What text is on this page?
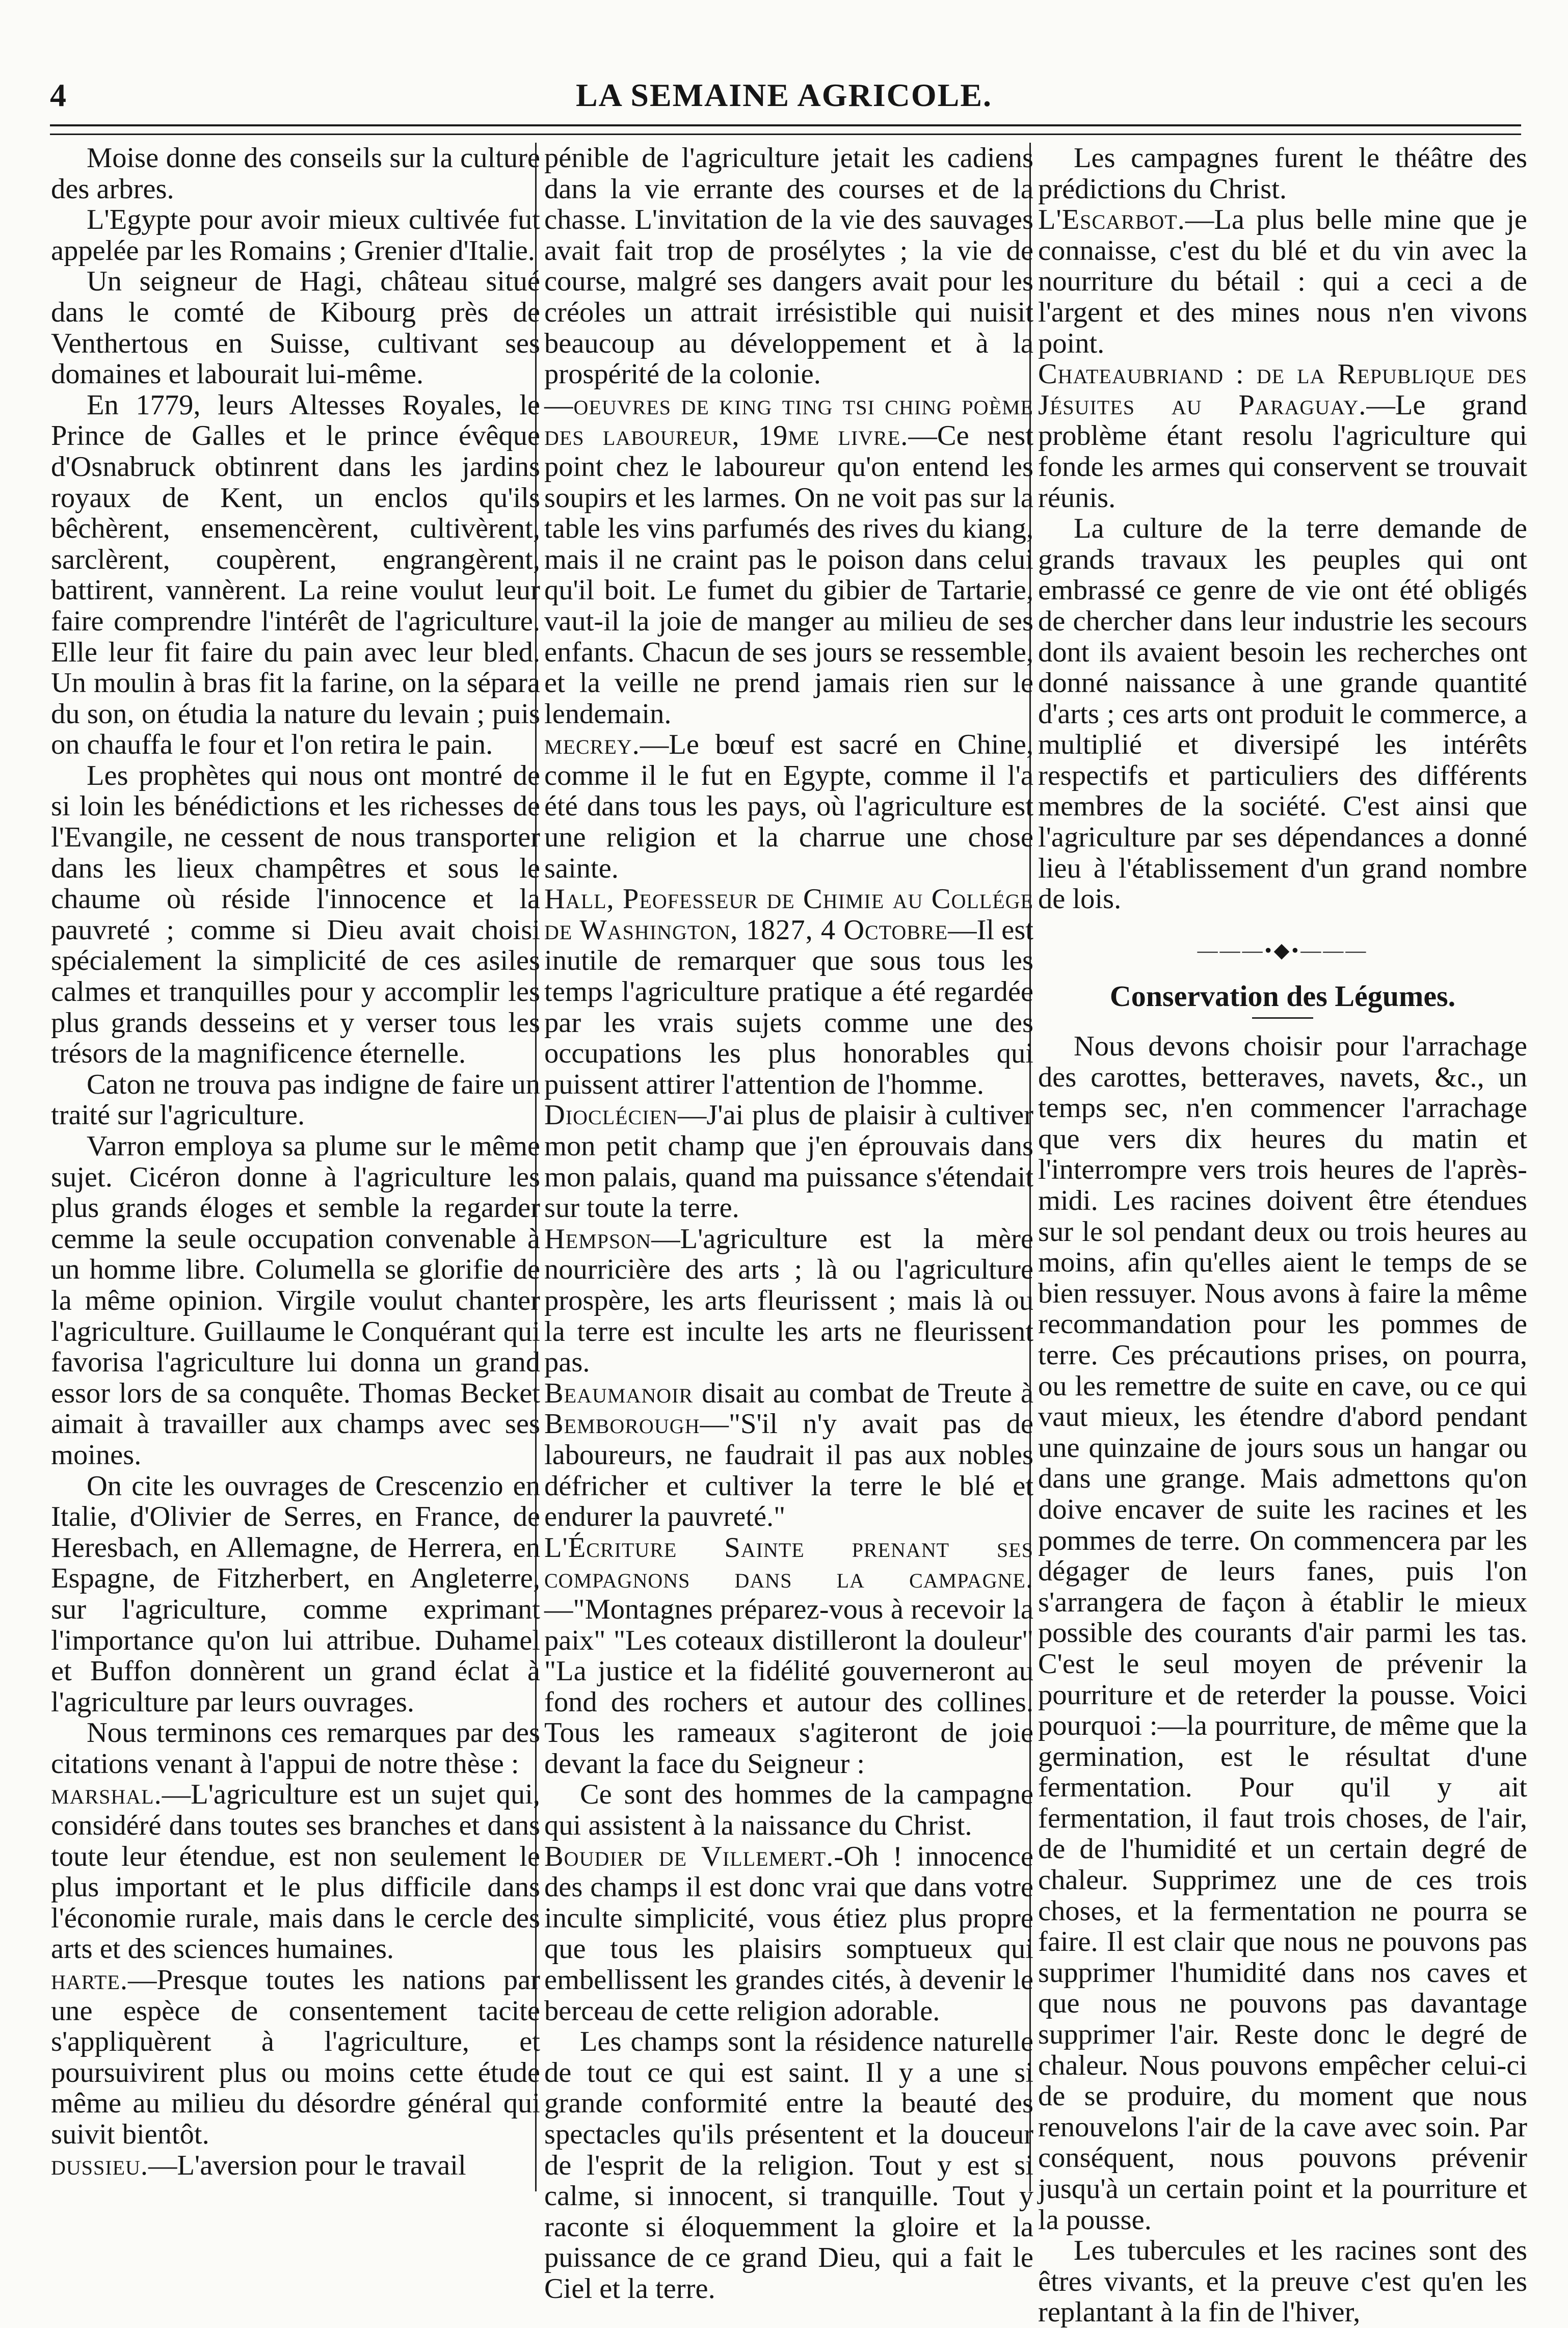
4	LA SEMAINE AGRICOLE.

Moise donne des conseils sur la culture des arbres.

L'Egypte pour avoir mieux cultivée fut appelée par les Romains ; Grenier d'Italie.

Un seigneur de Hagi, château situé dans le comté de Kibourg près de Venthertous en Suisse, cultivant ses domaines et labourait lui-même.

En 1779, leurs Altesses Royales, le Prince de Galles et le prince évêque d'Osnabruck obtinrent dans les jardins royaux de Kent, un enclos qu'ils bêchèrent, ensemencèrent, cultivèrent, sarclèrent, coupèrent, engrangèrent, battirent, vannèrent. La reine voulut leur faire comprendre l'intérêt de l'agriculture. Elle leur fit faire du pain avec leur bled. Un moulin à bras fit la farine, on la sépara du son, on étudia la nature du levain ; puis on chauffa le four et l'on retira le pain.

Les prophètes qui nous ont montré de si loin les bénédictions et les richesses de l'Evangile, ne cessent de nous transporter dans les lieux champêtres et sous le chaume où réside l'innocence et la pauvreté ; comme si Dieu avait choisi spécialement la simplicité de ces asiles calmes et tranquilles pour y accomplir les plus grands desseins et y verser tous les trésors de la magnificence éternelle.

Caton ne trouva pas indigne de faire un traité sur l'agriculture.

Varron employa sa plume sur le même sujet. Cicéron donne à l'agriculture les plus grands éloges et semble la regarder cemme la seule occupation convenable à un homme libre. Columella se glorifie de la même opinion. Virgile voulut chanter l'agriculture. Guillaume le Conquérant qui favorisa l'agriculture lui donna un grand essor lors de sa conquête. Thomas Becket aimait à travailler aux champs avec ses moines.

On cite les ouvrages de Crescenzio en Italie, d'Olivier de Serres, en France, de Heresbach, en Allemagne, de Herrera, en Espagne, de Fitzherbert, en Angleterre, sur l'agriculture, comme exprimant l'importance qu'on lui attribue. Duhamel et Buffon donnèrent un grand éclat à l'agriculture par leurs ouvrages.

Nous terminons ces remarques par des citations venant à l'appui de notre thèse :

marshal.—L'agriculture est un sujet qui, considéré dans toutes ses branches et dans toute leur étendue, est non seulement le plus important et le plus difficile dans l'économie rurale, mais dans le cercle des arts et des sciences humaines.

harte.—Presque toutes les nations par une espèce de consentement tacite s'appliquèrent à l'agriculture, et poursuivirent plus ou moins cette étude même au milieu du désordre général qui suivit bientôt.

dussieu.—L'aversion pour le travail

pénible de l'agriculture jetait les cadiens dans la vie errante des courses et de la chasse. L'invitation de la vie des sauvages avait fait trop de prosélytes ; la vie de course, malgré ses dangers avait pour les créoles un attrait irrésistible qui nuisit beaucoup au développement et à la prospérité de la colonie.

—oeuvres de king ting tsi ching poème des laboureur, 19me livre.—Ce nest point chez le laboureur qu'on entend les soupirs et les larmes. On ne voit pas sur la table les vins parfumés des rives du kiang, mais il ne craint pas le poison dans celui qu'il boit. Le fumet du gibier de Tartarie, vaut-il la joie de manger au milieu de ses enfants. Chacun de ses jours se ressemble, et la veille ne prend jamais rien sur le lendemain.

mecrey.—Le bœuf est sacré en Chine, comme il le fut en Egypte, comme il l'a été dans tous les pays, où l'agriculture est une religion et la charrue une chose sainte.

Hall, Peofesseur de Chimie au Collége de Washington, 1827, 4 Octobre—Il est inutile de remarquer que sous tous les temps l'agriculture pratique a été regardée par les vrais sujets comme une des occupations les plus honorables qui puissent attirer l'attention de l'homme.

Dioclécien—J'ai plus de plaisir à cultiver mon petit champ que j'en éprouvais dans mon palais, quand ma puissance s'étendait sur toute la terre.

Hempson—L'agriculture est la mère nourricière des arts ; là ou l'agriculture prospère, les arts fleurissent ; mais là ou la terre est inculte les arts ne fleurissent pas.

Beaumanoir disait au combat de Treute à Bemborough—"S'il n'y avait pas de laboureurs, ne faudrait il pas aux nobles défricher et cultiver la terre le blé et endurer la pauvreté."

L'Écriture Sainte prenant ses compagnons dans la campagne.—"Montagnes préparez-vous à recevoir la paix" "Les coteaux distilleront la douleur" "La justice et la fidélité gouverneront au fond des rochers et autour des collines. Tous les rameaux s'agiteront de joie devant la face du Seigneur :

Ce sont des hommes de la campagne qui assistent à la naissance du Christ.

Boudier de Villemert.-Oh ! innocence des champs il est donc vrai que dans votre inculte simplicité, vous étiez plus propre que tous les plaisirs somptueux qui embellissent les grandes cités, à devenir le berceau de cette religion adorable.

Les champs sont la résidence naturelle de tout ce qui est saint. Il y a une si grande conformité entre la beauté des spectacles qu'ils présentent et la douceur de l'esprit de la religion. Tout y est si calme, si innocent, si tranquille. Tout y raconte si éloquemment la gloire et la puissance de ce grand Dieu, qui a fait le Ciel et la terre.

Les campagnes furent le théâtre des prédictions du Christ.

L'Escarbot.—La plus belle mine que je connaisse, c'est du blé et du vin avec la nourriture du bétail : qui a ceci a de l'argent et des mines nous n'en vivons point.

Chateaubriand : de la Republique des Jésuites au Paraguay.—Le grand problème étant resolu l'agriculture qui fonde les armes qui conservent se trouvait réunis.

La culture de la terre demande de grands travaux les peuples qui ont embrassé ce genre de vie ont été obligés de chercher dans leur industrie les secours dont ils avaient besoin les recherches ont donné naissance à une grande quantité d'arts ; ces arts ont produit le commerce, a multiplié et diversipé les intérêts respectifs et particuliers des différents membres de la société. C'est ainsi que l'agriculture par ses dépendances a donné lieu à l'établissement d'un grand nombre de lois.

———•◆•———
Conservation des Légumes.

Nous devons choisir pour l'arrachage des carottes, betteraves, navets, &c., un temps sec, n'en commencer l'arrachage que vers dix heures du matin et l'interrompre vers trois heures de l'après-midi. Les racines doivent être étendues sur le sol pendant deux ou trois heures au moins, afin qu'elles aient le temps de se bien ressuyer. Nous avons à faire la même recommandation pour les pommes de terre. Ces précautions prises, on pourra, ou les remettre de suite en cave, ou ce qui vaut mieux, les étendre d'abord pendant une quinzaine de jours sous un hangar ou dans une grange. Mais admettons qu'on doive encaver de suite les racines et les pommes de terre. On commencera par les dégager de leurs fanes, puis l'on s'arrangera de façon à établir le mieux possible des courants d'air parmi les tas. C'est le seul moyen de prévenir la pourriture et de reterder la pousse. Voici pourquoi :—la pourriture, de même que la germination, est le résultat d'une fermentation. Pour qu'il y ait fermentation, il faut trois choses, de l'air, de de l'humidité et un certain degré de chaleur. Supprimez une de ces trois choses, et la fermentation ne pourra se faire. Il est clair que nous ne pouvons pas supprimer l'humidité dans nos caves et que nous ne pouvons pas davantage supprimer l'air. Reste donc le degré de chaleur. Nous pouvons empêcher celui-ci de se produire, du moment que nous renouvelons l'air de la cave avec soin. Par conséquent, nous pouvons prévenir jusqu'à un certain point et la pourriture et la pousse.

Les tubercules et les racines sont des êtres vivants, et la preuve c'est qu'en les replantant à la fin de l'hiver,
